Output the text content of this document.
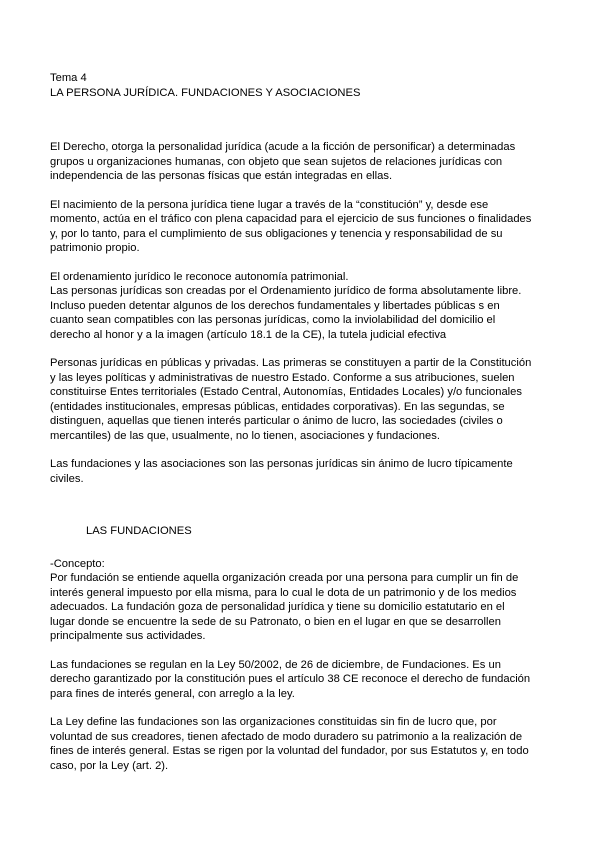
Tema 4
LA PERSONA JURÍDICA. FUNDACIONES Y ASOCIACIONES
El Derecho, otorga la personalidad jurídica (acude a la ficción de personificar) a determinadas
grupos u organizaciones humanas, con objeto que sean sujetos de relaciones jurídicas con
independencia de las personas físicas que están integradas en ellas.
El nacimiento de la persona jurídica tiene lugar a través de la “constitución” y, desde ese
momento, actúa en el tráfico con plena capacidad para el ejercicio de sus funciones o finalidades
y, por lo tanto, para el cumplimiento de sus obligaciones y tenencia y responsabilidad de su
patrimonio propio.
El ordenamiento jurídico le reconoce autonomía patrimonial.
Las personas jurídicas son creadas por el Ordenamiento jurídico de forma absolutamente libre.
Incluso pueden detentar algunos de los derechos fundamentales y libertades públicas s en
cuanto sean compatibles con las personas jurídicas, como la inviolabilidad del domicilio el
derecho al honor y a la imagen (artículo 18.1 de la CE), la tutela judicial efectiva
Personas jurídicas en públicas y privadas. Las primeras se constituyen a partir de la Constitución
y las leyes políticas y administrativas de nuestro Estado. Conforme a sus atribuciones, suelen
constituirse Entes territoriales (Estado Central, Autonomías, Entidades Locales) y/o funcionales
(entidades institucionales, empresas públicas, entidades corporativas). En las segundas, se
distinguen, aquellas que tienen interés particular o ánimo de lucro, las sociedades (civiles o
mercantiles) de las que, usualmente, no lo tienen, asociaciones y fundaciones.
Las fundaciones y las asociaciones son las personas jurídicas sin ánimo de lucro típicamente
civiles.
LAS FUNDACIONES
-Concepto:
Por fundación se entiende aquella organización creada por una persona para cumplir un fin de
interés general impuesto por ella misma, para lo cual le dota de un patrimonio y de los medios
adecuados. La fundación goza de personalidad jurídica y tiene su domicilio estatutario en el
lugar donde se encuentre la sede de su Patronato, o bien en el lugar en que se desarrollen
principalmente sus actividades.
Las fundaciones se regulan en la Ley 50/2002, de 26 de diciembre, de Fundaciones. Es un
derecho garantizado por la constitución pues el artículo 38 CE reconoce el derecho de fundación
para fines de interés general, con arreglo a la ley.
La Ley define las fundaciones son las organizaciones constituidas sin fin de lucro que, por
voluntad de sus creadores, tienen afectado de modo duradero su patrimonio a la realización de
fines de interés general. Estas se rigen por la voluntad del fundador, por sus Estatutos y, en todo
caso, por la Ley (art. 2).
